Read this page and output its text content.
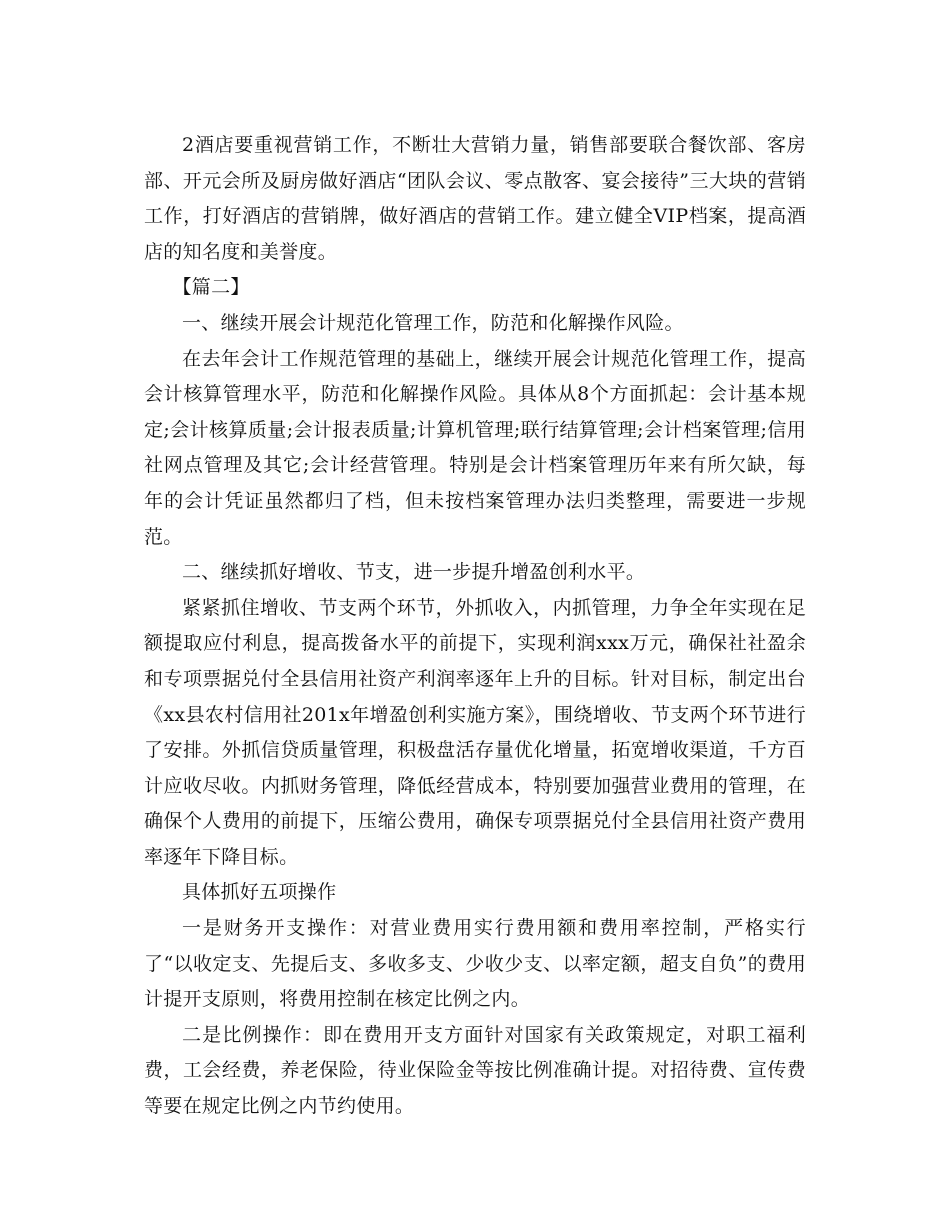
2酒店要重视营销工作，不断壮大营销力量，销售部要联合餐饮部、客房部、开元会所及厨房做好酒店“团队会议、零点散客、宴会接待”三大块的营销工作，打好酒店的营销牌，做好酒店的营销工作。建立健全VIP档案，提高酒店的知名度和美誉度。

【篇二】

一、继续开展会计规范化管理工作，防范和化解操作风险。

在去年会计工作规范管理的基础上，继续开展会计规范化管理工作，提高会计核算管理水平，防范和化解操作风险。具体从8个方面抓起：会计基本规定;会计核算质量;会计报表质量;计算机管理;联行结算管理;会计档案管理;信用社网点管理及其它;会计经营管理。特别是会计档案管理历年来有所欠缺，每年的会计凭证虽然都归了档，但未按档案管理办法归类整理，需要进一步规范。

二、继续抓好增收、节支，进一步提升增盈创利水平。

紧紧抓住增收、节支两个环节，外抓收入，内抓管理，力争全年实现在足额提取应付利息，提高拨备水平的前提下，实现利润xxx万元，确保社社盈余和专项票据兑付全县信用社资产利润率逐年上升的目标。针对目标，制定出台《xx县农村信用社201x年增盈创利实施方案》，围绕增收、节支两个环节进行了安排。外抓信贷质量管理，积极盘活存量优化增量，拓宽增收渠道，千方百计应收尽收。内抓财务管理，降低经营成本，特别要加强营业费用的管理，在确保个人费用的前提下，压缩公费用，确保专项票据兑付全县信用社资产费用率逐年下降目标。

具体抓好五项操作

一是财务开支操作：对营业费用实行费用额和费用率控制，严格实行了“以收定支、先提后支、多收多支、少收少支、以率定额，超支自负”的费用计提开支原则，将费用控制在核定比例之内。

二是比例操作：即在费用开支方面针对国家有关政策规定，对职工福利费，工会经费，养老保险，待业保险金等按比例准确计提。对招待费、宣传费等要在规定比例之内节约使用。
